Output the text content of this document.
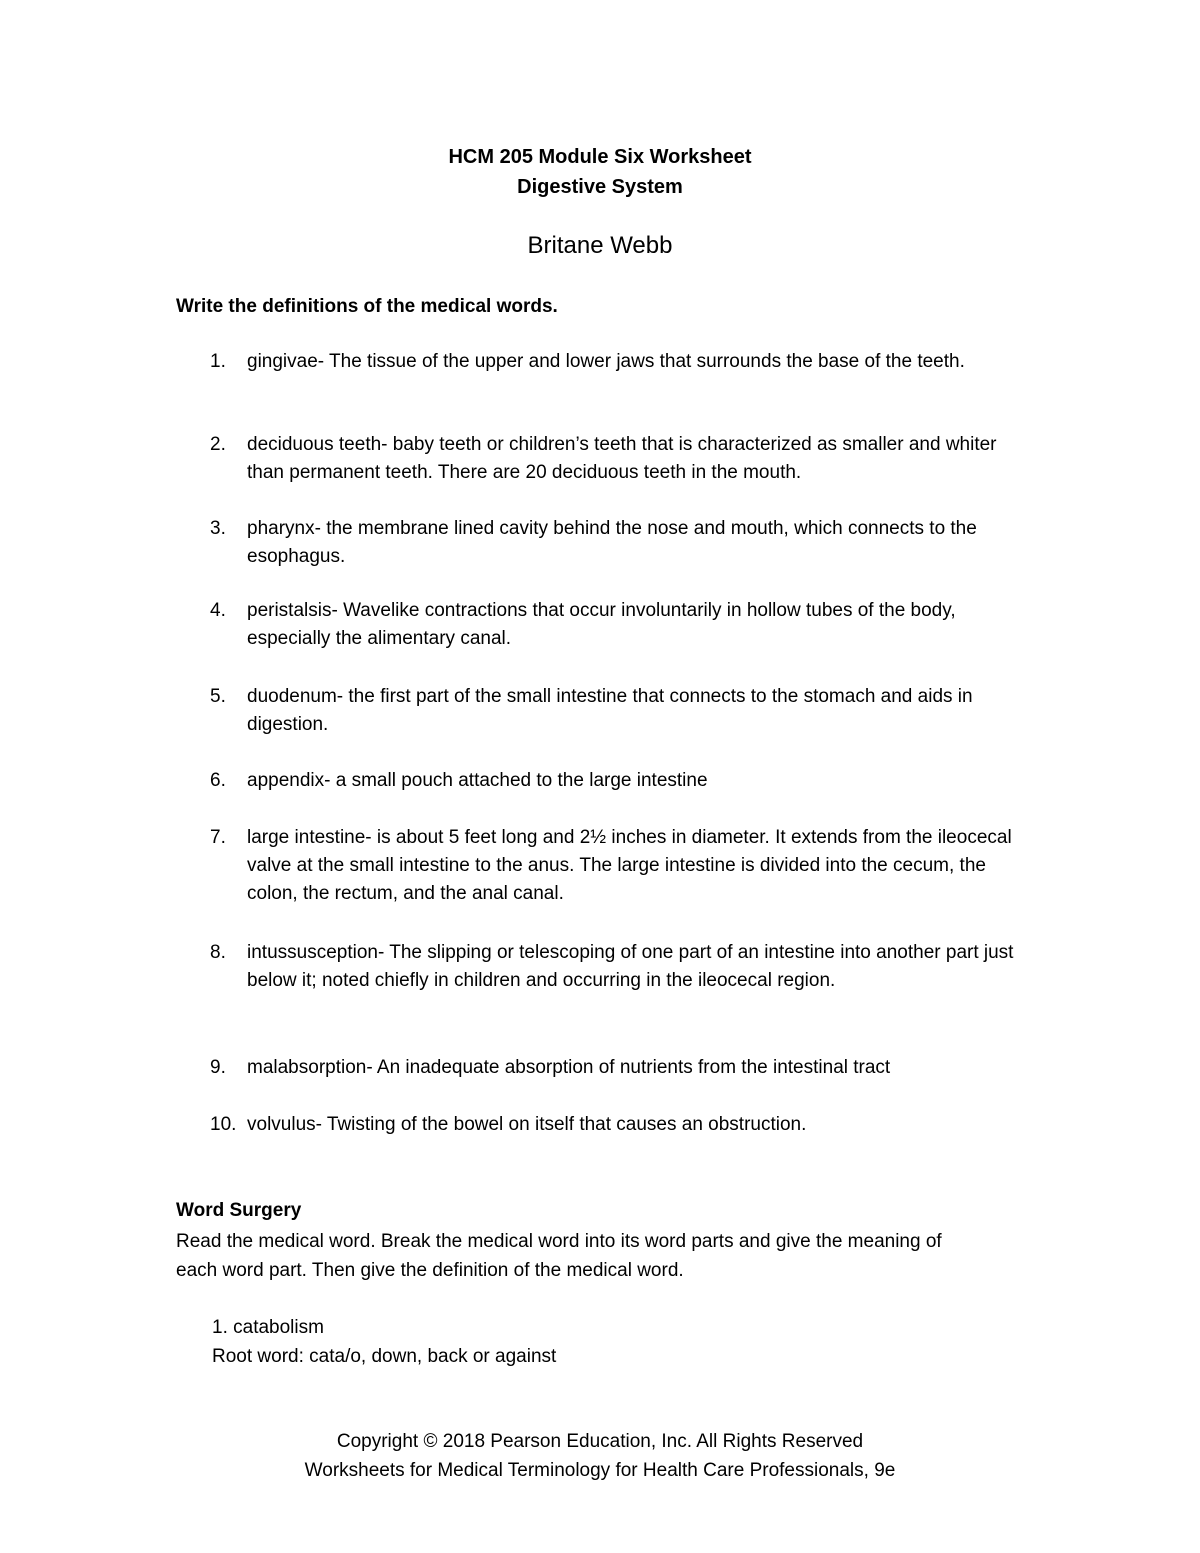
HCM 205 Module Six Worksheet
Digestive System
Britane Webb
Write the definitions of the medical words.
1.	gingivae- The tissue of the upper and lower jaws that surrounds the base of the teeth.
2.	deciduous teeth- baby teeth or children’s teeth that is characterized as smaller and whiter than permanent teeth. There are 20 deciduous teeth in the mouth.
3.	pharynx- the membrane lined cavity behind the nose and mouth, which connects to the esophagus.
4.	peristalsis- Wavelike contractions that occur involuntarily in hollow tubes of the body, especially the alimentary canal.
5.	duodenum- the first part of the small intestine that connects to the stomach and aids in digestion.
6.	appendix- a small pouch attached to the large intestine
7.	large intestine- is about 5 feet long and 2½ inches in diameter. It extends from the ileocecal valve at the small intestine to the anus. The large intestine is divided into the cecum, the colon, the rectum, and the anal canal.
8.	intussusception- The slipping or telescoping of one part of an intestine into another part just below it; noted chiefly in children and occurring in the ileocecal region.
9.	malabsorption- An inadequate absorption of nutrients from the intestinal tract
10. volvulus- Twisting of the bowel on itself that causes an obstruction.
Word Surgery
Read the medical word. Break the medical word into its word parts and give the meaning of each word part. Then give the definition of the medical word.
1. catabolism
Root word: cata/o, down, back or against
Copyright © 2018 Pearson Education, Inc. All Rights Reserved
Worksheets for Medical Terminology for Health Care Professionals, 9e
